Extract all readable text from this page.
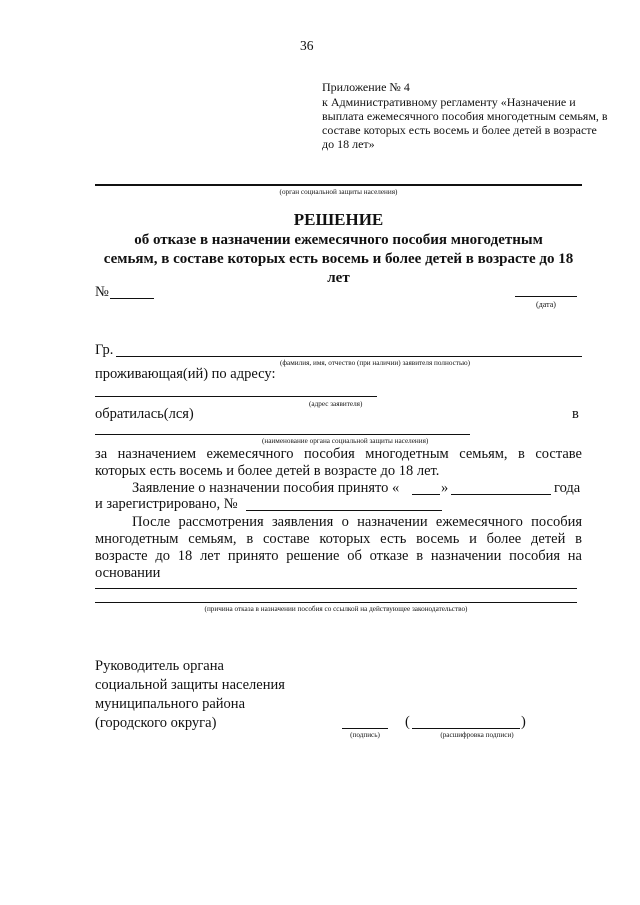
36
Приложение № 4
к Административному регламенту «Назначение и
выплата ежемесячного пособия многодетным семьям, в
составе которых есть восемь и более детей в возрасте
до 18 лет»
(орган социальной защиты населения)
РЕШЕНИЕ
об отказе в назначении ежемесячного пособия многодетным
семьям, в составе которых есть восемь и более детей в возрасте до 18
лет
№
(дата)
Гр.
(фамилия, имя, отчество (при наличии) заявителя полностью)
проживающая(ий) по адресу:
(адрес заявителя)
обратилась(лся)	в
(наименование органа социальной защиты населения)
за назначением ежемесячного пособия многодетным семьям, в составе
которых есть восемь и более детей в возрасте до 18 лет.
Заявление о назначении пособия принято «	»	года
и зарегистрировано, №
После рассмотрения заявления о назначении ежемесячного пособия
многодетным семьям, в составе которых есть восемь и более детей в
возрасте до 18 лет принято решение об отказе в назначении пособия на
основании
(причина отказа в назначении пособия со ссылкой на действующее законодательство)
Руководитель органа
социальной защиты населения
муниципального района
(городского округа)
(подпись)
(	)
(расшифровка подписи)
